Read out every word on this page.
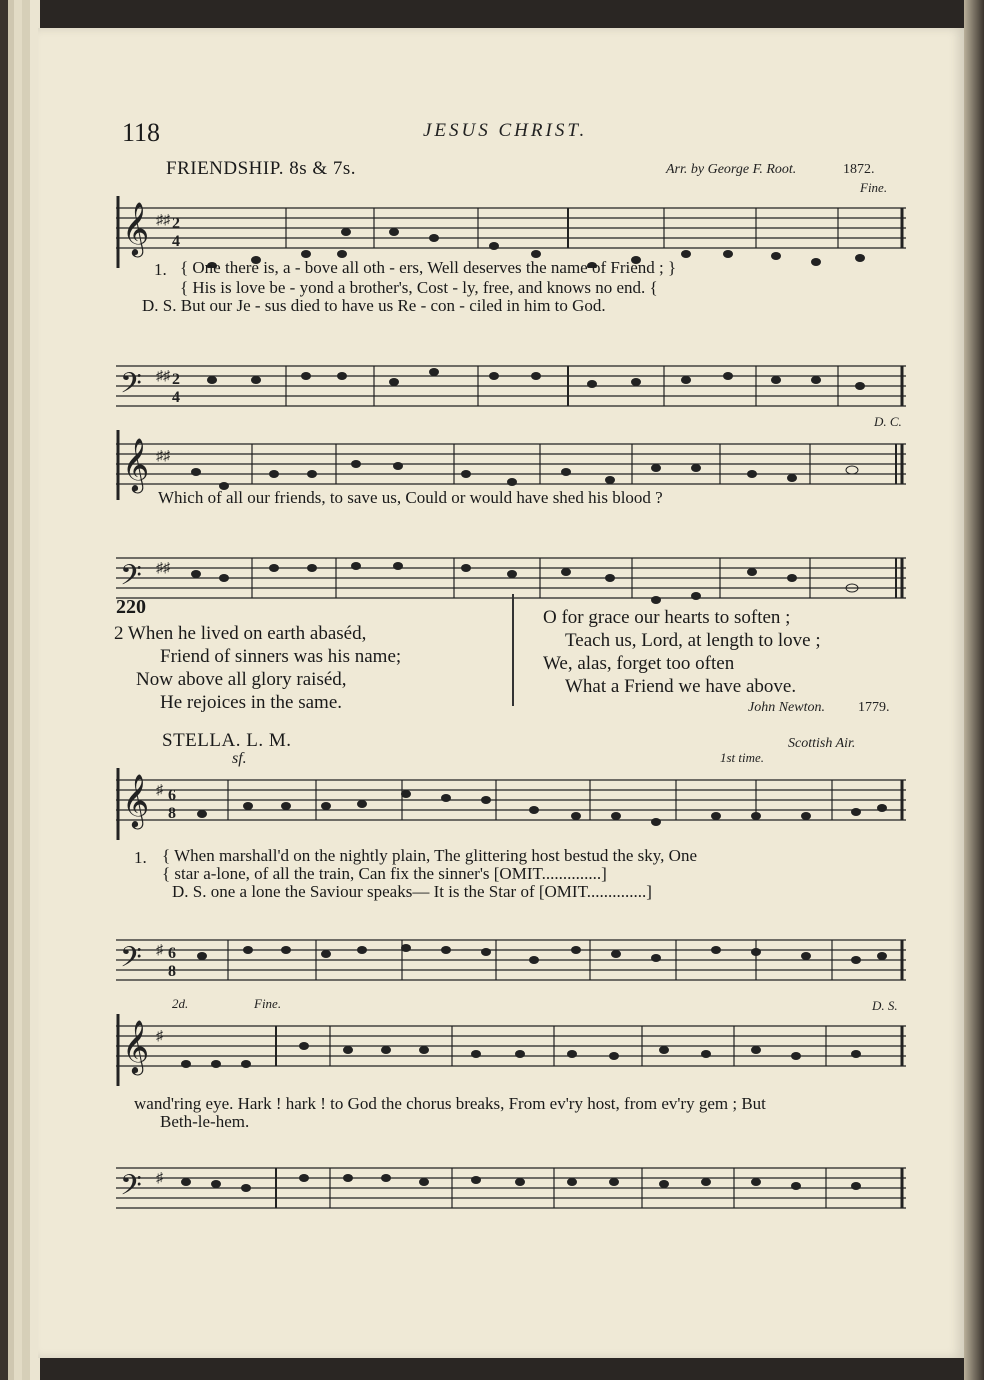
118	JESUS CHRIST.
FRIENDSHIP. 8s & 7s.	Arr. by George F. Root.	1872.
Fine.
𝄞 ♯♯ 2
4
1. { One there is, a - bove all oth - ers, Well deserves the name of Friend ; }
{ His is love be - yond a brother's, Cost - ly, free, and knows no end. {
D. S. But our Je - sus died to have us Re - con - ciled in him to God.
𝄢 ♯♯ 2
4
D. C.
𝄞 ♯♯
Which of all our friends, to save us, Could or would have shed his blood ?
𝄢 ♯♯
220
2 When he lived on earth abaséd,
Friend of sinners was his name;
Now above all glory raiséd,
He rejoices in the same.
O for grace our hearts to soften ;
Teach us, Lord, at length to love ;
We, alas, forget too often
What a Friend we have above.
John Newton. 1779.
STELLA. L. M.	Scottish Air.
sf.	1st time.
𝄞 ♯ 6
8
1. { When marshall'd on the nightly plain, The glittering host bestud the sky, One
{ star a-lone, of all the train, Can fix the sinner's [OMIT..............]
D. S. one a lone the Saviour speaks— It is the Star of [OMIT..............]
𝄢 ♯ 6
8
2d.	Fine.	D. S.
𝄞 ♯
wand'ring eye. Hark ! hark ! to God the chorus breaks, From ev'ry host, from ev'ry gem ; But
Beth-le-hem.
𝄢 ♯
